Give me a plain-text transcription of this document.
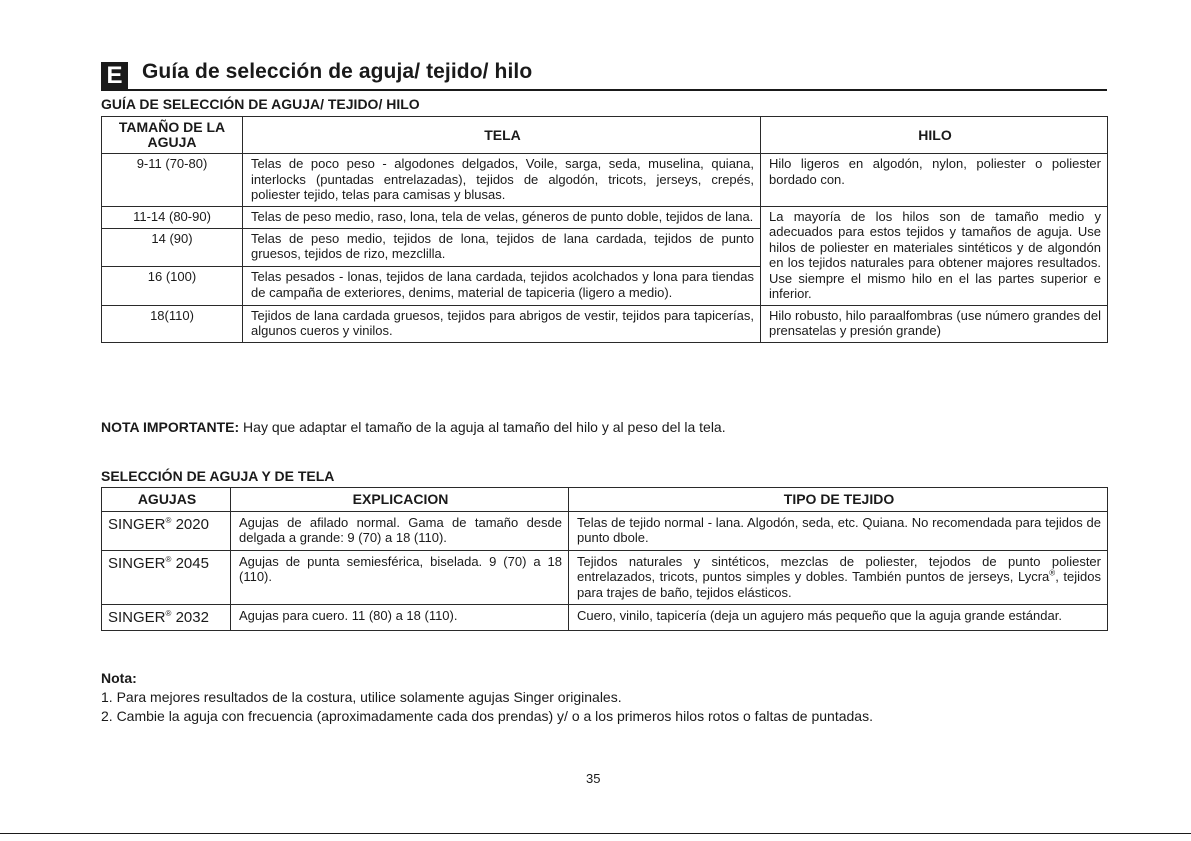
E Guía de selección de aguja/ tejido/ hilo
GUÍA DE SELECCIÓN DE AGUJA/ TEJIDO/ HILO
TAMAÑO DE LA AGUJA	TELA	HILO
9-11 (70-80)	Telas de poco peso - algodones delgados, Voile, sarga, seda, muselina, quiana, interlocks (puntadas entrelazadas), tejidos de algodón, tricots, jerseys, crepés, poliester tejido, telas para camisas y blusas.	Hilo ligeros en algodón, nylon, poliester o poliester bordado con.
11-14 (80-90)	Telas de peso medio, raso, lona, tela de velas, géneros de punto doble, tejidos de lana.	La mayoría de los hilos son de tamaño medio y adecuados para estos tejidos y tamaños de aguja. Use hilos de poliester en materiales sintéticos y de algondón en los tejidos naturales para obtener majores resultados. Use siempre el mismo hilo en el las partes superior e inferior.
14 (90)	Telas de peso medio, tejidos de lona, tejidos de lana cardada, tejidos de punto gruesos, tejidos de rizo, mezclilla.	
16 (100)	Telas pesados - lonas, tejidos de lana cardada, tejidos acolchados y lona para tiendas de campaña de exteriores, denims, material de tapiceria (ligero a medio).	
18(110)	Tejidos de lana cardada gruesos, tejidos para abrigos de vestir, tejidos para tapicerías, algunos cueros y vinilos.	Hilo robusto, hilo paraalfombras (use número grandes del prensatelas y presión grande)
NOTA IMPORTANTE: Hay que adaptar el tamaño de la aguja al tamaño del hilo y al peso del la tela.
SELECCIÓN DE AGUJA Y DE TELA
AGUJAS	EXPLICACION	TIPO DE TEJIDO
SINGER® 2020	Agujas de afilado normal. Gama de tamaño desde delgada a grande: 9 (70) a 18 (110).	Telas de tejido normal - lana. Algodón, seda, etc. Quiana. No recomendada para tejidos de punto dbole.
SINGER® 2045	Agujas de punta semiesférica, biselada. 9 (70) a 18 (110).	Tejidos naturales y sintéticos, mezclas de poliester, tejodos de punto poliester entrelazados, tricots, puntos simples y dobles. También puntos de jerseys, Lycra®, tejidos para trajes de baño, tejidos elásticos.
SINGER® 2032	Agujas para cuero. 11 (80) a 18 (110).	Cuero, vinilo, tapicería (deja un agujero más pequeño que la aguja grande estándar.
Nota:
1. Para mejores resultados de la costura, utilice solamente agujas Singer originales.
2. Cambie la aguja con frecuencia (aproximadamente cada dos prendas) y/ o a los primeros hilos rotos o faltas de puntadas.
35
